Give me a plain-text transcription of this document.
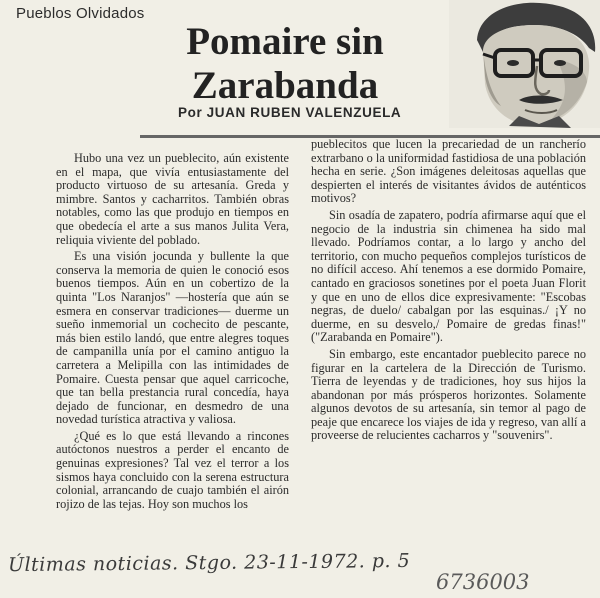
Pueblos Olvidados
Pomaire sin
Zarabanda
Por JUAN RUBEN VALENZUELA

Hubo una vez un pueblecito, aún existente en el mapa, que vivía entusiastamente del producto virtuoso de su artesanía. Greda y mimbre. Santos y cacharritos. También obras notables, como las que produjo en tiempos en que obedecía el arte a sus manos Julita Vera, reliquia viviente del poblado.

Es una visión jocunda y bullente la que conserva la memoria de quien le conoció esos buenos tiempos. Aún en un cobertizo de la quinta "Los Naranjos" —hostería que aún se esmera en conservar tradiciones— duerme un sueño inmemorial un cochecito de pescante, más bien estilo landó, que entre alegres toques de campanilla unía por el camino antiguo la carretera a Melipilla con las intimidades de Pomaire. Cuesta pensar que aquel carricoche, que tan bella prestancia rural concedía, haya dejado de funcionar, en desmedro de una novedad turística atractiva y valiosa.

¿Qué es lo que está llevando a rincones autóctonos nuestros a perder el encanto de genuinas expresiones? Tal vez el terror a los sismos haya concluido con la serena estructura colonial, arrancando de cuajo también el airón rojizo de las tejas. Hoy son muchos los

pueblecitos que lucen la precariedad de un rancherío extrarbano o la uniformidad fastidiosa de una población hecha en serie. ¿Son imágenes deleitosas aquellas que despierten el interés de visitantes ávidos de auténticos motivos?

Sin osadía de zapatero, podría afirmarse aquí que el negocio de la industria sin chimenea ha sido mal llevado. Podríamos contar, a lo largo y ancho del territorio, con mucho pequeños complejos turísticos de no difícil acceso. Ahí tenemos a ese dormido Pomaire, cantado en graciosos sonetines por el poeta Juan Florit y que en uno de ellos dice expresivamente: "Escobas negras, de duelo/ cabalgan por las esquinas./ ¡Y no duerme, en su desvelo,/ Pomaire de gredas finas!" ("Zarabanda en Pomaire").

Sin embargo, este encantador pueblecito parece no figurar en la cartelera de la Dirección de Turismo. Tierra de leyendas y de tradiciones, hoy sus hijos la abandonan por más prósperos horizontes. Solamente algunos devotos de su artesanía, sin temor al pago de peaje que encarece los viajes de ida y regreso, van allí a proveerse de relucientes cacharros y "souvenirs".

Últimas noticias. Stgo. 23-11-1972. p. 5
6736003
